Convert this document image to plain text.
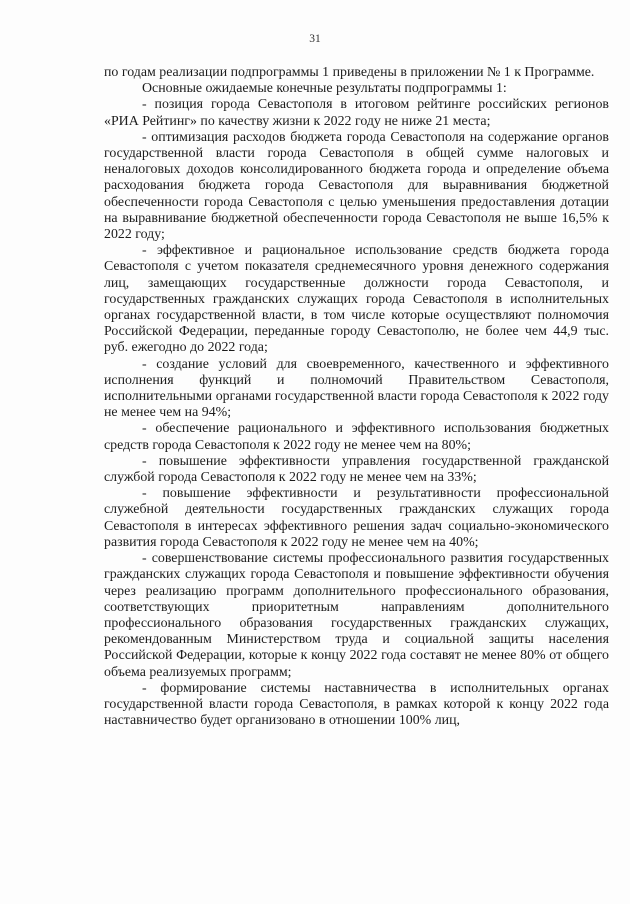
31

по годам реализации подпрограммы 1 приведены в приложении № 1 к Программе.

Основные ожидаемые конечные результаты подпрограммы 1:

- позиция города Севастополя в итоговом рейтинге российских регионов «РИА Рейтинг» по качеству жизни к 2022 году не ниже 21 места;

- оптимизация расходов бюджета города Севастополя на содержание органов государственной власти города Севастополя в общей сумме налоговых и неналоговых доходов консолидированного бюджета города и определение объема расходования бюджета города Севастополя для выравнивания бюджетной обеспеченности города Севастополя с целью уменьшения предоставления дотации на выравнивание бюджетной обеспеченности города Севастополя не выше 16,5% к 2022 году;

- эффективное и рациональное использование средств бюджета города Севастополя с учетом показателя среднемесячного уровня денежного содержания лиц, замещающих государственные должности города Севастополя, и государственных гражданских служащих города Севастополя в исполнительных органах государственной власти, в том числе которые осуществляют полномочия Российской Федерации, переданные городу Севастополю, не более чем 44,9 тыс. руб. ежегодно до 2022 года;

- создание условий для своевременного, качественного и эффективного исполнения функций и полномочий Правительством Севастополя, исполнительными органами государственной власти города Севастополя к 2022 году не менее чем на 94%;

- обеспечение рационального и эффективного использования бюджетных средств города Севастополя к 2022 году не менее чем на 80%;

- повышение эффективности управления государственной гражданской службой города Севастополя к 2022 году не менее чем на 33%;

- повышение эффективности и результативности профессиональной служебной деятельности государственных гражданских служащих города Севастополя в интересах эффективного решения задач социально-экономического развития города Севастополя к 2022 году не менее чем на 40%;

- совершенствование системы профессионального развития государственных гражданских служащих города Севастополя и повышение эффективности обучения через реализацию программ дополнительного профессионального образования, соответствующих приоритетным направлениям дополнительного профессионального образования государственных гражданских служащих, рекомендованным Министерством труда и социальной защиты населения Российской Федерации, которые к концу 2022 года составят не менее 80% от общего объема реализуемых программ;

- формирование системы наставничества в исполнительных органах государственной власти города Севастополя, в рамках которой к концу 2022 года наставничество будет организовано в отношении 100% лиц,
